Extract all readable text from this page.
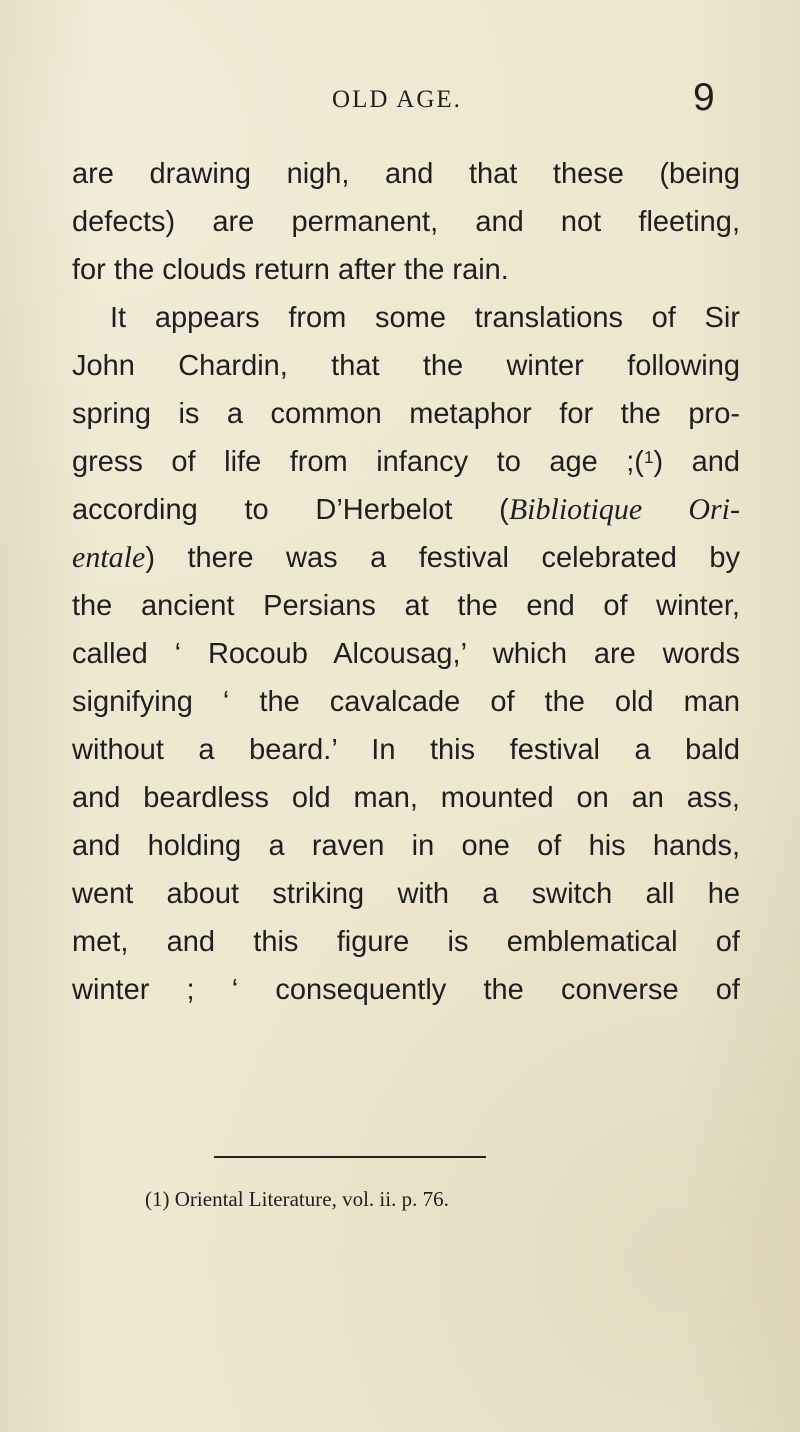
OLD AGE.	9
are drawing nigh, and that these (being
defects) are permanent, and not fleeting,
for the clouds return after the rain.
It appears from some translations of Sir
John Chardin, that the winter following
spring is a common metaphor for the pro-
gress of life from infancy to age ;($^1$) and
according to D’Herbelot (Bibliotique Ori-
entale) there was a festival celebrated by
the ancient Persians at the end of winter,
called ‘ Rocoub Alcousag,’ which are words
signifying ‘ the cavalcade of the old man
without a beard.’ In this festival a bald
and beardless old man, mounted on an ass,
and holding a raven in one of his hands,
went about striking with a switch all he
met, and this figure is emblematical of
winter ; ‘ consequently the converse of
(1) Oriental Literature, vol. ii. p. 76.
